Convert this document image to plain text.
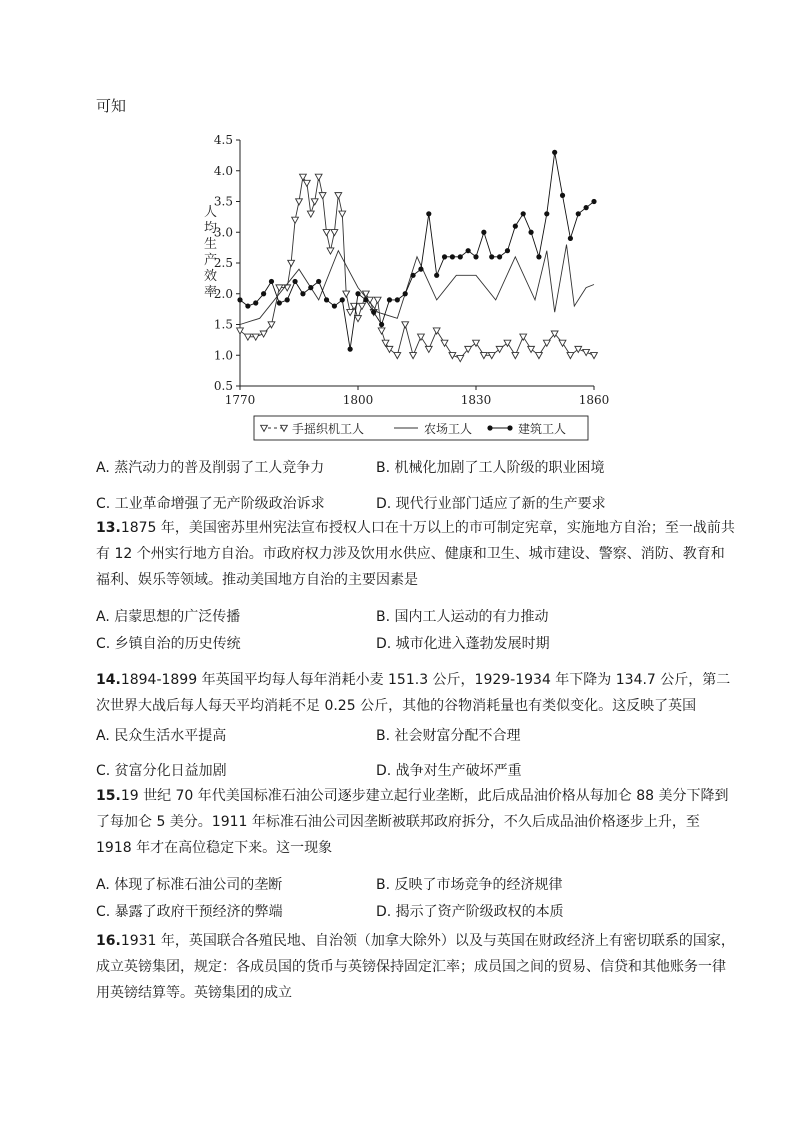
可知
0.5
1.0
1.5
2.0
2.5
3.0
3.5
4.0
4.5
1770	1800	1830	1860
人均生产效率
手摇织机工人	农场工人	建筑工人
A. 蒸汽动力的普及削弱了工人竞争力	B. 机械化加剧了工人阶级的职业困境
C. 工业革命增强了无产阶级政治诉求	D. 现代行业部门适应了新的生产要求
13.1875 年，美国密苏里州宪法宣布授权人口在十万以上的市可制定宪章，实施地方自治；至一战前共有 12 个州实行地方自治。市政府权力涉及饮用水供应、健康和卫生、城市建设、警察、消防、教育和福利、娱乐等领域。推动美国地方自治的主要因素是
A. 启蒙思想的广泛传播	B. 国内工人运动的有力推动
C. 乡镇自治的历史传统	D. 城市化进入蓬勃发展时期
14.1894-1899 年英国平均每人每年消耗小麦 151.3 公斤，1929-1934 年下降为 134.7 公斤，第二次世界大战后每人每天平均消耗不足 0.25 公斤，其他的谷物消耗量也有类似变化。这反映了英国
A. 民众生活水平提高	B. 社会财富分配不合理
C. 贫富分化日益加剧	D. 战争对生产破坏严重
15.19 世纪 70 年代美国标准石油公司逐步建立起行业垄断，此后成品油价格从每加仑 88 美分下降到了每加仑 5 美分。1911 年标准石油公司因垄断被联邦政府拆分，不久后成品油价格逐步上升，至 1918 年才在高位稳定下来。这一现象
A. 体现了标准石油公司的垄断	B. 反映了市场竞争的经济规律
C. 暴露了政府干预经济的弊端	D. 揭示了资产阶级政权的本质
16.1931 年，英国联合各殖民地、自治领（加拿大除外）以及与英国在财政经济上有密切联系的国家，成立英镑集团，规定：各成员国的货币与英镑保持固定汇率；成员国之间的贸易、信贷和其他账务一律用英镑结算等。英镑集团的成立
